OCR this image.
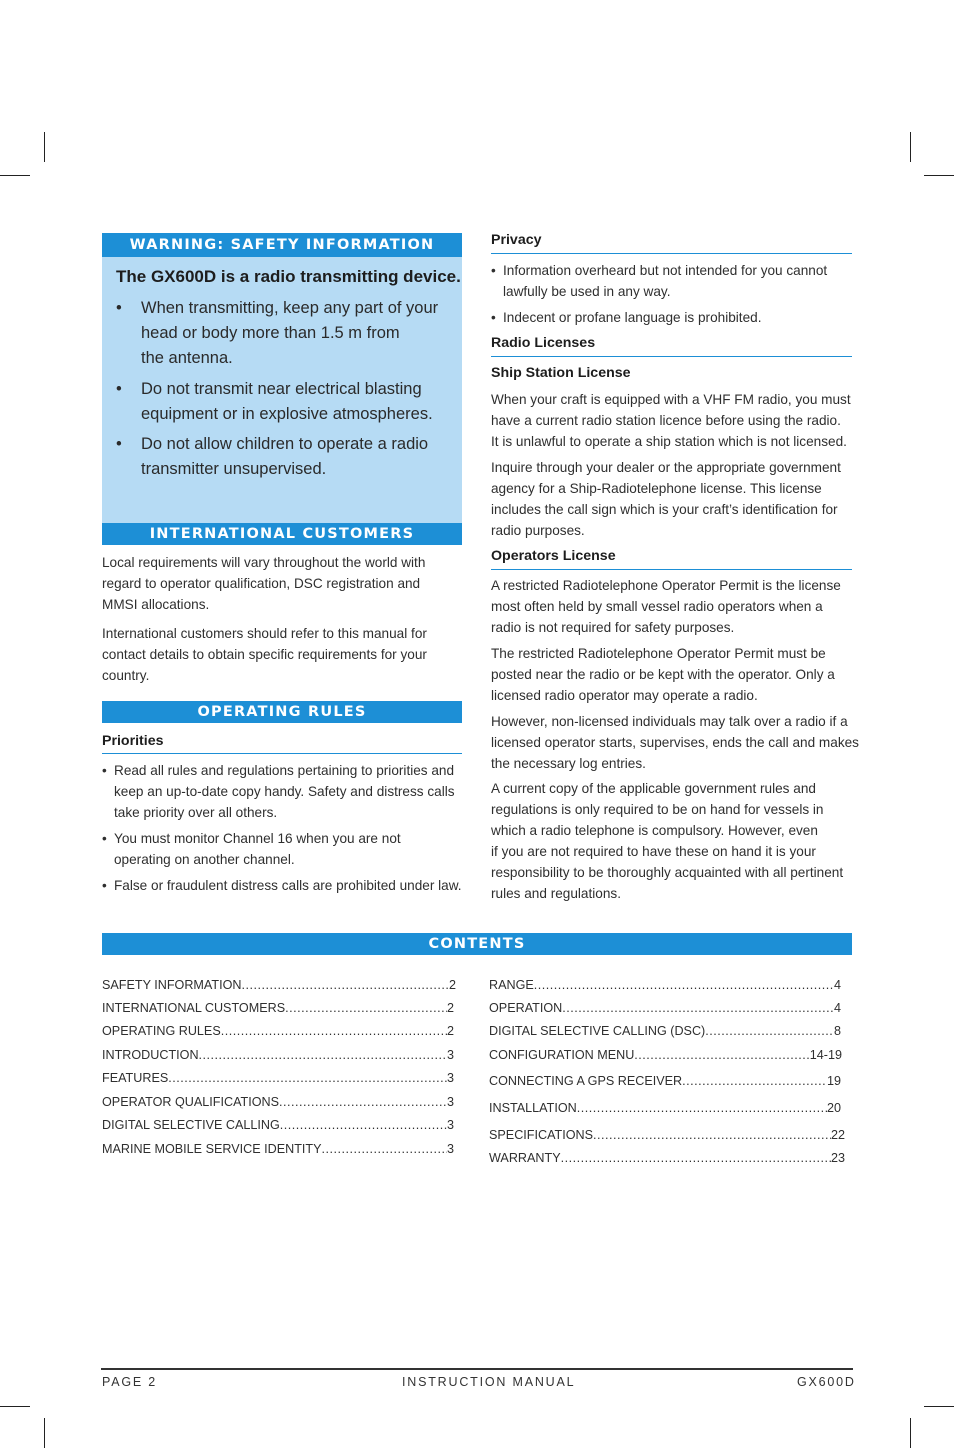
WARNING: SAFETY INFORMATION
The GX600D is a radio transmitting device.
• When transmitting, keep any part of your
head or body more than 1.5 m from
the antenna.
• Do not transmit near electrical blasting
equipment or in explosive atmospheres.
• Do not allow children to operate a radio
transmitter unsupervised.
INTERNATIONAL CUSTOMERS
Local requirements will vary throughout the world with
regard to operator qualification, DSC registration and
MMSI allocations.
International customers should refer to this manual for
contact details to obtain specific requirements for your
country.
OPERATING RULES
Priorities
• Read all rules and regulations pertaining to priorities and
keep an up-to-date copy handy. Safety and distress calls
take priority over all others.
• You must monitor Channel 16 when you are not
operating on another channel.
• False or fraudulent distress calls are prohibited under law.
Privacy
• Information overheard but not intended for you cannot
lawfully be used in any way.
• Indecent or profane language is prohibited.
Radio Licenses
Ship Station License
When your craft is equipped with a VHF FM radio, you must
have a current radio station licence before using the radio.
It is unlawful to operate a ship station which is not licensed.
Inquire through your dealer or the appropriate government
agency for a Ship-Radiotelephone license. This license
includes the call sign which is your craft’s identification for
radio purposes.
Operators License
A restricted Radiotelephone Operator Permit is the license
most often held by small vessel radio operators when a
radio is not required for safety purposes.
The restricted Radiotelephone Operator Permit must be
posted near the radio or be kept with the operator. Only a
licensed radio operator may operate a radio.
However, non-licensed individuals may talk over a radio if a
licensed operator starts, supervises, ends the call and makes
the necessary log entries.
A current copy of the applicable government rules and
regulations is only required to be on hand for vessels in
which a radio telephone is compulsory. However, even
if you are not required to have these on hand it is your
responsibility to be thoroughly acquainted with all pertinent
rules and regulations.
CONTENTS
SAFETY INFORMATION .....	2
INTERNATIONAL CUSTOMERS .....	2
OPERATING RULES .....	2
INTRODUCTION .....	3
FEATURES .....	3
OPERATOR QUALIFICATIONS .....	3
DIGITAL SELECTIVE CALLING .....	3
MARINE MOBILE SERVICE IDENTITY .....	3
RANGE .....	4
OPERATION .....	4
DIGITAL SELECTIVE CALLING (DSC) .....	8
CONFIGURATION MENU .....	14-19
CONNECTING A GPS RECEIVER .....	19
INSTALLATION .....	20
SPECIFICATIONS .....	22
WARRANTY .....	23
PAGE 2	INSTRUCTION MANUAL	GX600D
